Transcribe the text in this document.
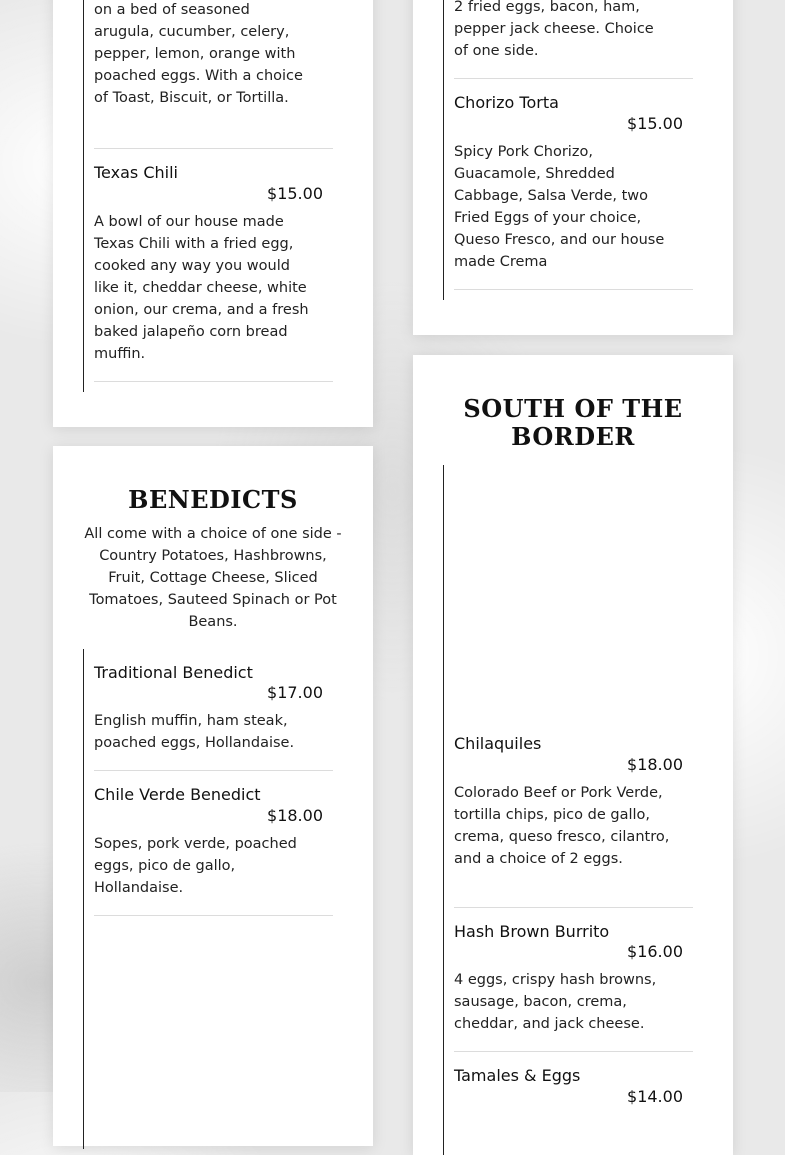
on a bed of seasoned arugula, cucumber, celery, pepper, lemon, orange with poached eggs. With a choice of Toast, Biscuit, or Tortilla.
Texas Chili
$15.00
A bowl of our house made Texas Chili with a fried egg, cooked any way you would like it, cheddar cheese, white onion, our crema, and a fresh baked jalapeño corn bread muffin.
2 fried eggs, bacon, ham, pepper jack cheese. Choice of one side.
Chorizo Torta
$15.00
Spicy Pork Chorizo, Guacamole, Shredded Cabbage, Salsa Verde, two Fried Eggs of your choice, Queso Fresco, and our house made Crema
BENEDICTS
All come with a choice of one side - Country Potatoes, Hashbrowns, Fruit, Cottage Cheese, Sliced Tomatoes, Sauteed Spinach or Pot Beans.
Traditional Benedict
$17.00
English muffin, ham steak, poached eggs, Hollandaise.
Chile Verde Benedict
$18.00
Sopes, pork verde, poached eggs, pico de gallo, Hollandaise.
SOUTH OF THE
BORDER
Chilaquiles
$18.00
Colorado Beef or Pork Verde, tortilla chips, pico de gallo, crema, queso fresco, cilantro, and a choice of 2 eggs.
Hash Brown Burrito
$16.00
4 eggs, crispy hash browns, sausage, bacon, crema, cheddar, and jack cheese.
Tamales & Eggs
$14.00
